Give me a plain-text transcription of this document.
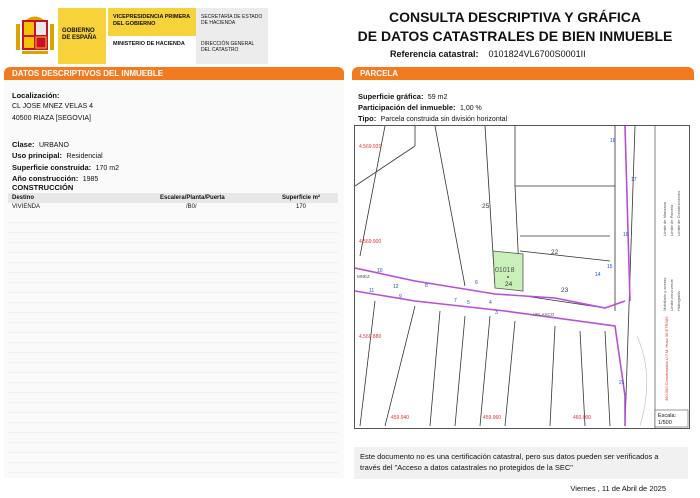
GOBIERNO DE ESPAÑA
VICEPRESIDENCIA PRIMERA DEL GOBIERNO
MINISTERIO DE HACIENDA
SECRETARÍA DE ESTADO DE HACIENDA
DIRECCIÓN GENERAL DEL CATASTRO
CONSULTA DESCRIPTIVA Y GRÁFICA
DE DATOS CATASTRALES DE BIEN INMUEBLE
Referencia catastral: 0101824VL6700S0001II
DATOS DESCRIPTIVOS DEL INMUEBLE
Localización:
CL JOSE MNEZ VELAS 4
40500 RIAZA [SEGOVIA]
Clase: URBANO
Uso principal: Residencial
Superficie construida: 170 m2
Año construcción: 1985
CONSTRUCCIÓN
Destino	Escalera/Planta/Puerta	Superficie m²
VIVIENDA	/B0/	170
PARCELA
Superficie gráfica: 59 m2
Participación del inmueble: 1,00 %
Tipo: Parcela construida sin división horizontal
4.569.939
4.569.900
4.569.880
459.940	459.960	460.000
25
22
23
24
01018
VELASCO
MNEZ
10
9
8
7
6
5	4
3
12
11
14
15
16
17
21
18
Límite de Manzana Límite de Parcela Límite de Construcciones
Mobiliario y aceras Límite zona verde Hidrografía
460.000 Coordenadas U.T.M. Huso 30 ETRS89
Escala:
1/500
Este documento no es una certificación catastral, pero sus datos pueden ser verificados a
través del "Acceso a datos catastrales no protegidos de la SEC"
Viernes , 11 de Abril de 2025
